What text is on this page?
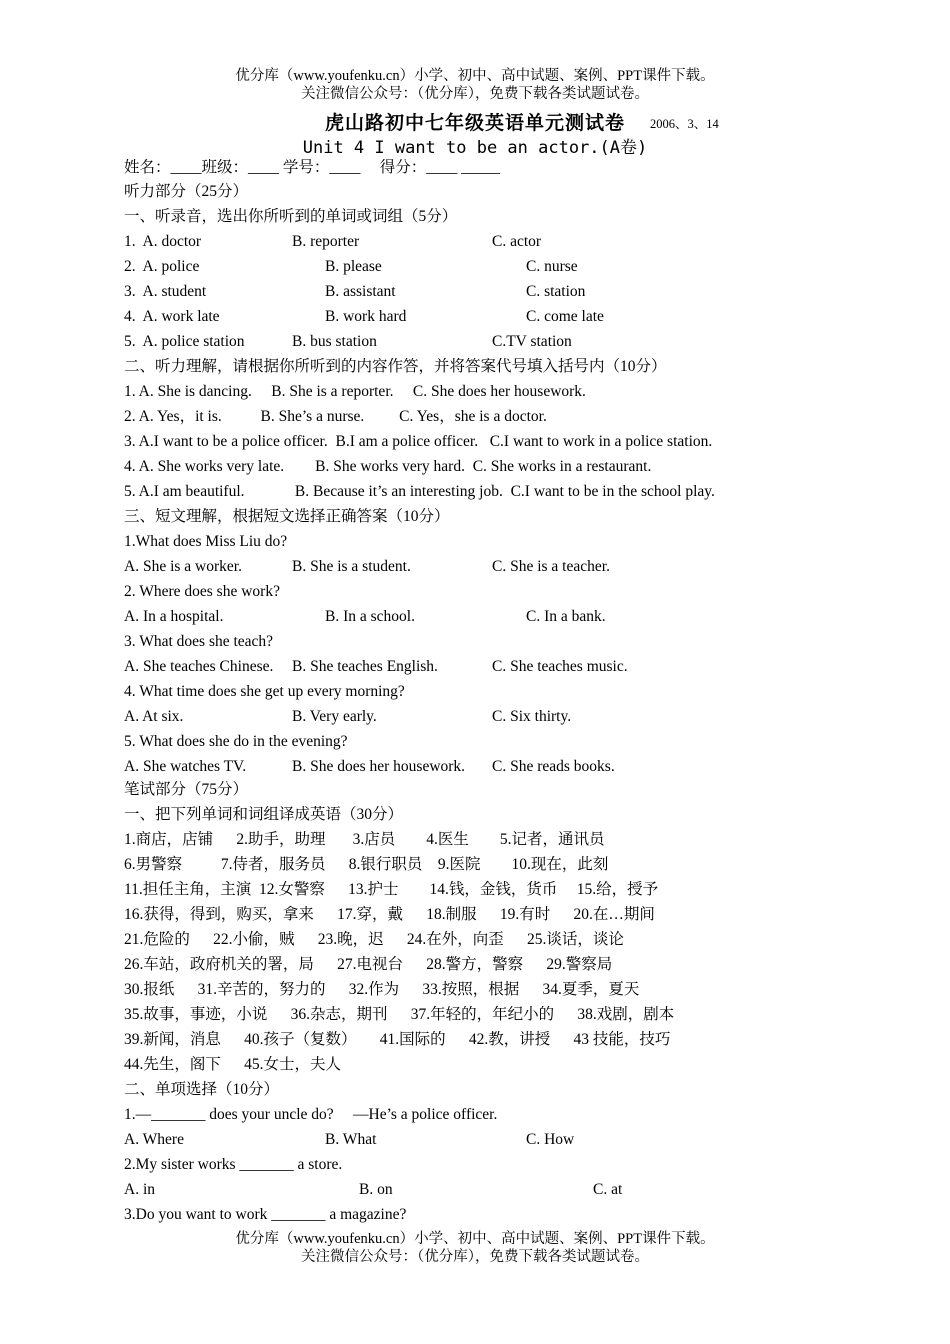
优分库（www.youfenku.cn）小学、初中、高中试题、案例、PPT课件下载。
关注微信公众号：（优分库），免费下载各类试题试卷。
虎山路初中七年级英语单元测试卷 2006、3、14
Unit 4 I want to be an actor.(A卷)
姓名：____班级：____ 学号：____     得分：____ _____
听力部分（25分）
一、听录音，选出你所听到的单词或词组（5分）

1.  A. doctor

	B. reporter

	C. actor

2.  A. police

	B. please

	C. nurse

3.  A. student

	B. assistant

	C. station

4.  A. work late

	B. work hard

	C. come late

5.  A. police station

	B. bus station

	C.TV station

二、听力理解，请根据你所听到的内容作答，并将答案代号填入括号内（10分）
1. A. She is dancing.     B. She is a reporter.     C. She does her housework.
2. A. Yes，it is.          B. She’s a nurse.         C. Yes，she is a doctor.
3. A.I want to be a police officer.  B.I am a police officer.   C.I want to work in a police station.
4. A. She works very late.        B. She works very hard.  C. She works in a restaurant.
5. A.I am beautiful.             B. Because it’s an interesting job.  C.I want to be in the school play.
三、短文理解，根据短文选择正确答案（10分）
1.What does Miss Liu do?

A. She is a worker.

	B. She is a student.

	C. She is a teacher.

2. Where does she work?

A. In a hospital.

	B. In a school.

	C. In a bank.

3. What does she teach?

A. She teaches Chinese.

B. She teaches English.

	C. She teaches music.

4. What time does she get up every morning?

A. At six.

	B. Very early.

	C. Six thirty.

5. What does she do in the evening?

A. She watches TV.

	B. She does her housework.

C. She reads books.

笔试部分（75分）
一、把下列单词和词组译成英语（30分）
1.商店，店铺      2.助手，助理       3.店员        4.医生        5.记者，通讯员
6.男警察          7.侍者，服务员      8.银行职员    9.医院        10.现在，此刻
11.担任主角，主演  12.女警察      13.护士        14.钱，金钱，货币     15.给，授予
16.获得，得到，购买，拿来      17.穿，戴      18.制服      19.有时      20.在…期间
21.危险的      22.小偷，贼      23.晚，迟      24.在外，向歪      25.谈话，谈论
26.车站，政府机关的署，局      27.电视台      28.警方，警察      29.警察局
30.报纸      31.辛苦的，努力的      32.作为      33.按照，根据      34.夏季，夏天
35.故事，事迹，小说      36.杂志，期刊      37.年轻的，年纪小的      38.戏剧，剧本
39.新闻，消息      40.孩子（复数）      41.国际的      42.教，讲授      43 技能，技巧
44.先生，阁下      45.女士，夫人
二、单项选择（10分）
1.—_______ does your uncle do?     —He’s a police officer.

A. Where

	B. What

	C. How

2.My sister works _______ a store.

A. in

	B. on

	C. at

3.Do you want to work _______ a magazine?
优分库（www.youfenku.cn）小学、初中、高中试题、案例、PPT课件下载。
关注微信公众号：（优分库），免费下载各类试题试卷。
